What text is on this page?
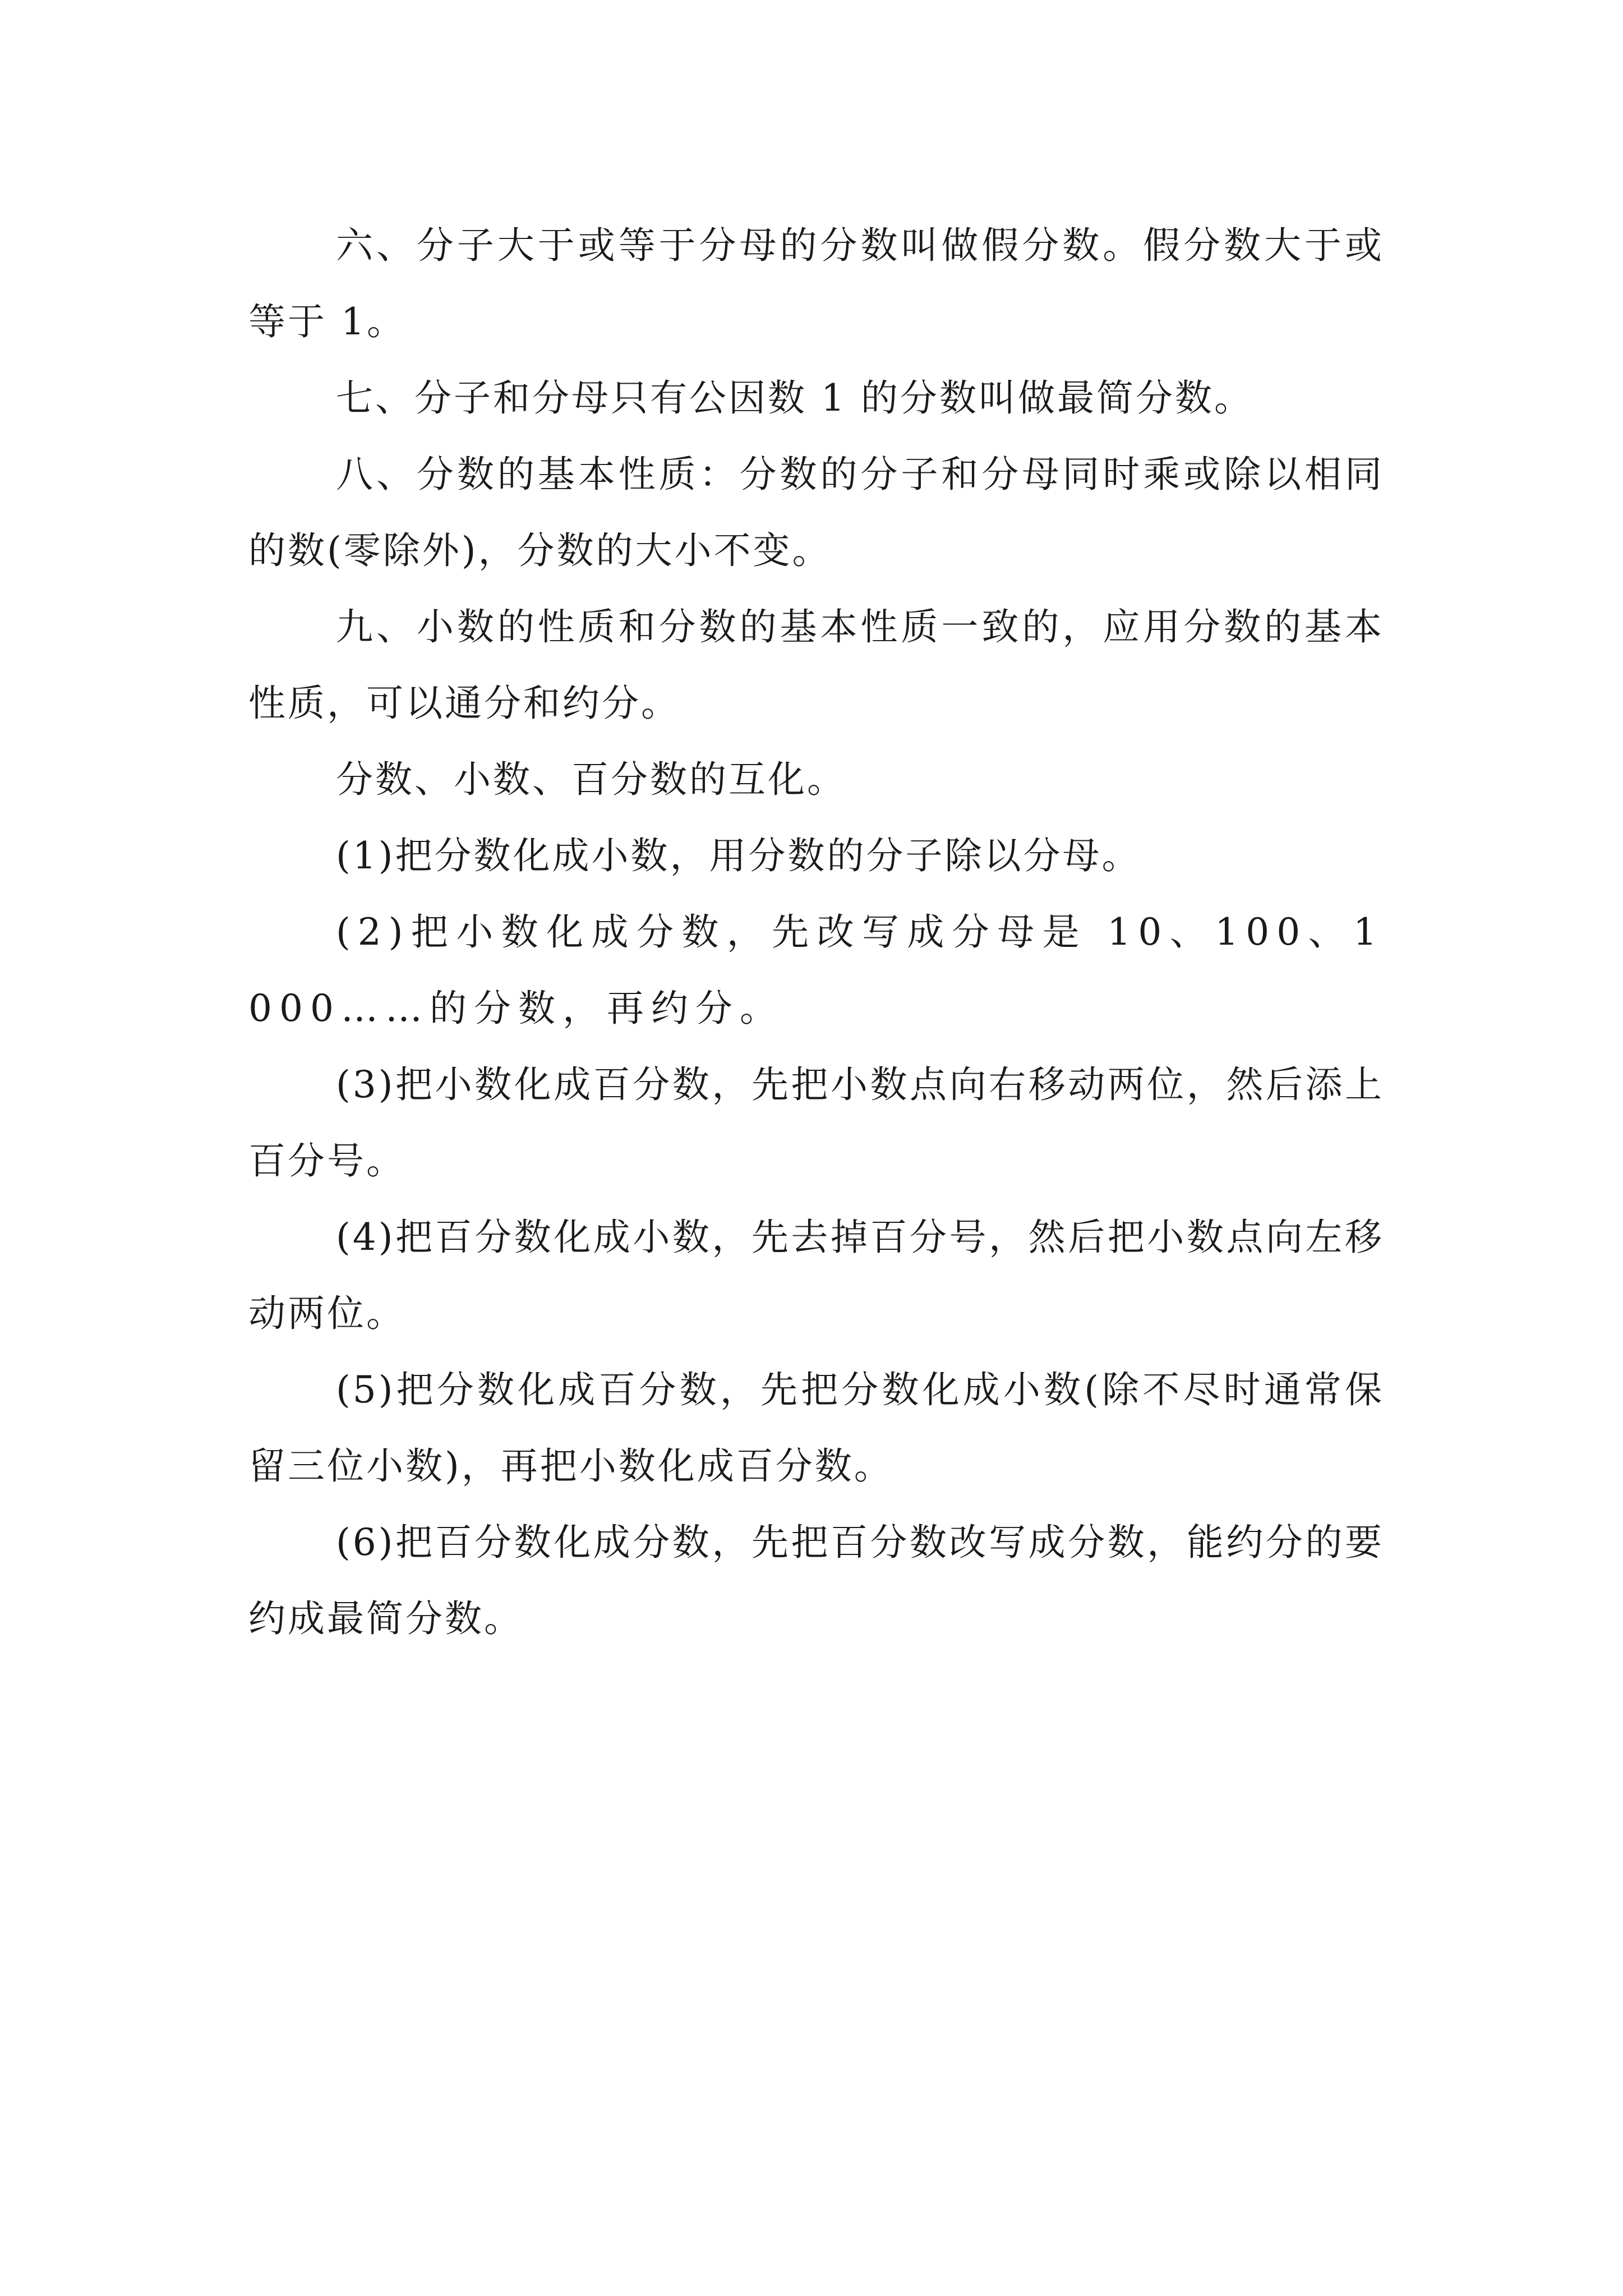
六、分子大于或等于分母的分数叫做假分数。假分数大于或等于 1。

七、分子和分母只有公因数 1 的分数叫做最简分数。

八、分数的基本性质：分数的分子和分母同时乘或除以相同的数(零除外)，分数的大小不变。

九、小数的性质和分数的基本性质一致的，应用分数的基本性质，可以通分和约分。

分数、小数、百分数的互化。

(1)把分数化成小数，用分数的分子除以分母。

(2)把小数化成分数，先改写成分母是 10、100、1000……的分数，再约分。

(3)把小数化成百分数，先把小数点向右移动两位，然后添上百分号。

(4)把百分数化成小数，先去掉百分号，然后把小数点向左移动两位。

(5)把分数化成百分数，先把分数化成小数(除不尽时通常保留三位小数)，再把小数化成百分数。

(6)把百分数化成分数，先把百分数改写成分数，能约分的要约成最简分数。
